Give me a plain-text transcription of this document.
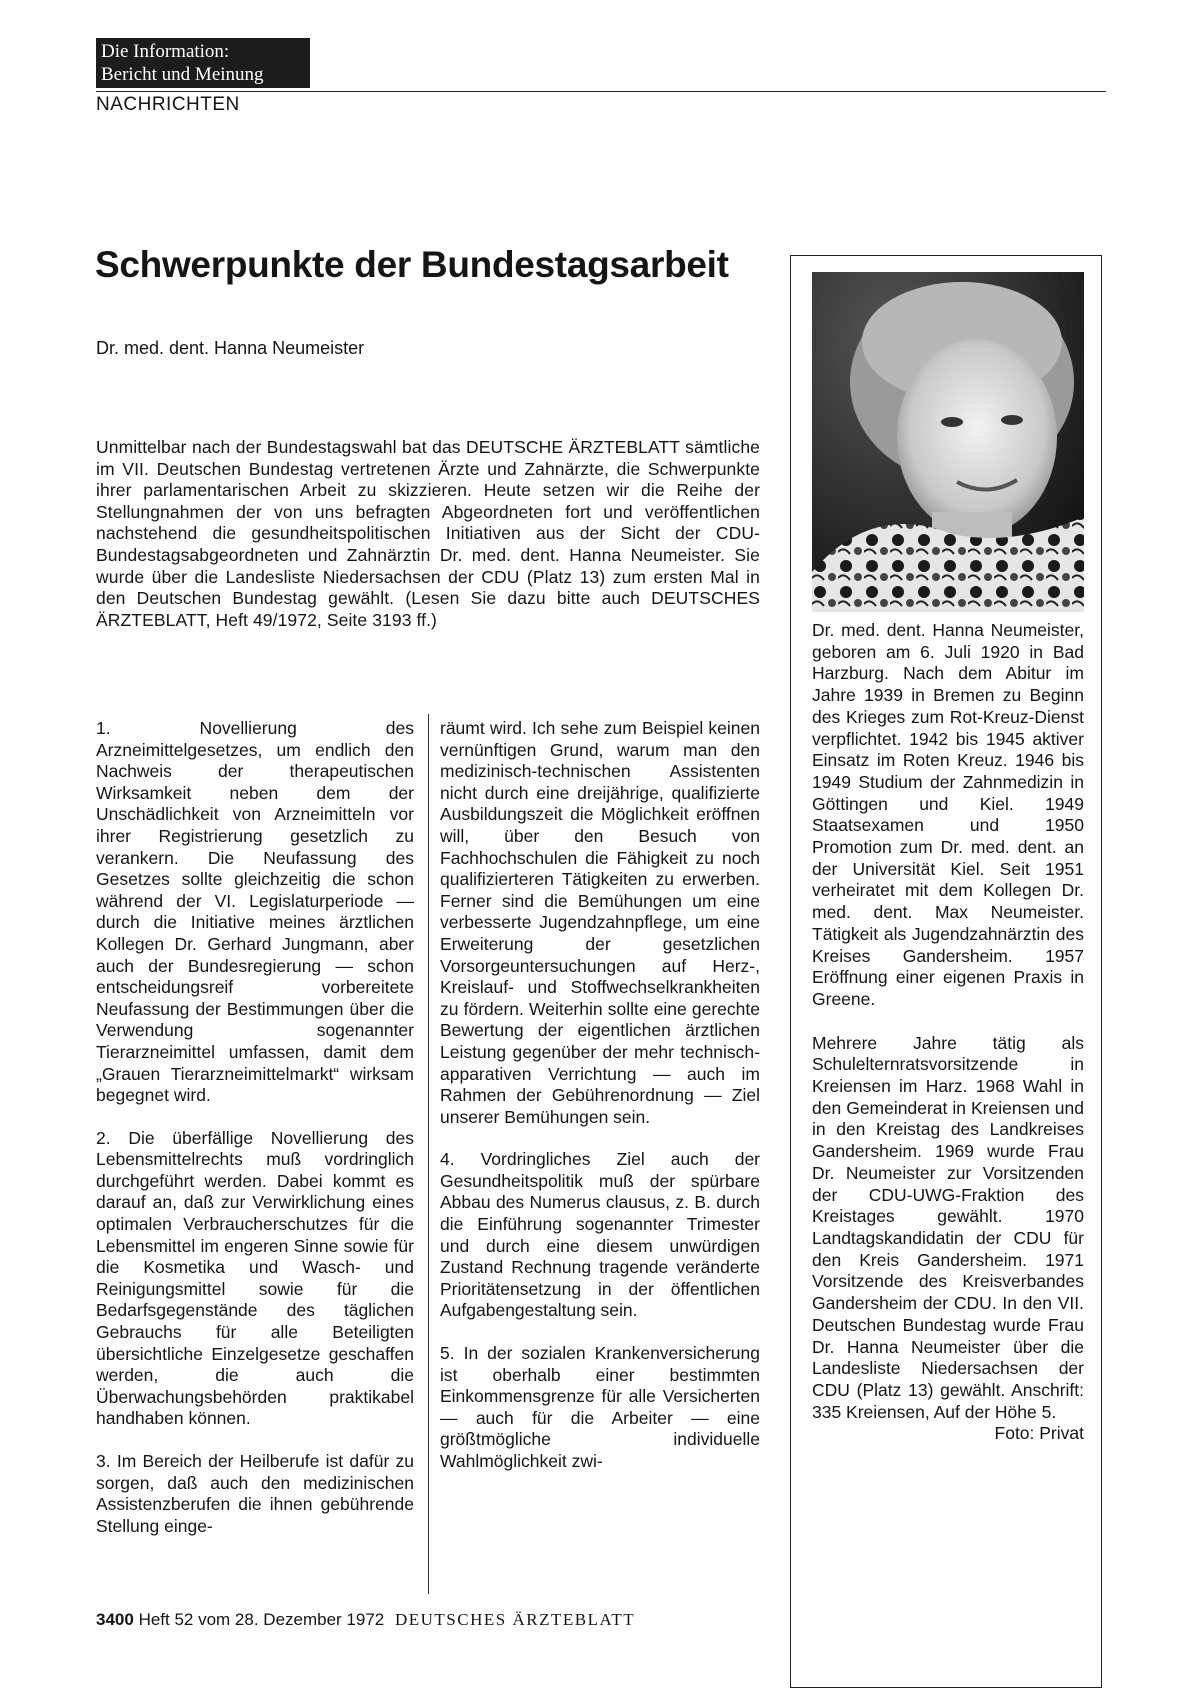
Die Information:
Bericht und Meinung
NACHRICHTEN
Schwerpunkte der Bundestagsarbeit
Dr. med. dent. Hanna Neumeister
Unmittelbar nach der Bundestagswahl bat das DEUTSCHE ÄRZTEBLATT sämtliche im VII. Deutschen Bundestag vertretenen Ärzte und Zahnärzte, die Schwerpunkte ihrer parlamentarischen Arbeit zu skizzieren. Heute setzen wir die Reihe der Stellungnahmen der von uns befragten Abgeordneten fort und veröffentlichen nachstehend die gesundheitspolitischen Initiativen aus der Sicht der CDU-Bundestagsabgeordneten und Zahnärztin Dr. med. dent. Hanna Neumeister. Sie wurde über die Landesliste Niedersachsen der CDU (Platz 13) zum ersten Mal in den Deutschen Bundestag gewählt. (Lesen Sie dazu bitte auch DEUTSCHES ÄRZTEBLATT, Heft 49/1972, Seite 3193 ff.)

1. Novellierung des Arzneimittelgesetzes, um endlich den Nachweis der therapeutischen Wirksamkeit neben dem der Unschädlichkeit von Arzneimitteln vor ihrer Registrierung gesetzlich zu verankern. Die Neufassung des Gesetzes sollte gleichzeitig die schon während der VI. Legislaturperiode — durch die Initiative meines ärztlichen Kollegen Dr. Gerhard Jungmann, aber auch der Bundesregierung — schon entscheidungsreif vorbereitete Neufassung der Bestimmungen über die Verwendung sogenannter Tierarzneimittel umfassen, damit dem „Grauen Tierarzneimittelmarkt“ wirksam begegnet wird.

2. Die überfällige Novellierung des Lebensmittelrechts muß vordringlich durchgeführt werden. Dabei kommt es darauf an, daß zur Verwirklichung eines optimalen Verbraucherschutzes für die Lebensmittel im engeren Sinne sowie für die Kosmetika und Wasch- und Reinigungsmittel sowie für die Bedarfsgegenstände des täglichen Gebrauchs für alle Beteiligten übersichtliche Einzelgesetze geschaffen werden, die auch die Überwachungsbehörden praktikabel handhaben können.

3. Im Bereich der Heilberufe ist dafür zu sorgen, daß auch den medizinischen Assistenzberufen die ihnen gebührende Stellung einge-

räumt wird. Ich sehe zum Beispiel keinen vernünftigen Grund, warum man den medizinisch-technischen Assistenten nicht durch eine dreijährige, qualifizierte Ausbildungszeit die Möglichkeit eröffnen will, über den Besuch von Fachhochschulen die Fähigkeit zu noch qualifizierteren Tätigkeiten zu erwerben. Ferner sind die Bemühungen um eine verbesserte Jugendzahnpflege, um eine Erweiterung der gesetzlichen Vorsorgeuntersuchungen auf Herz-, Kreislauf- und Stoffwechselkrankheiten zu fördern. Weiterhin sollte eine gerechte Bewertung der eigentlichen ärztlichen Leistung gegenüber der mehr technisch-apparativen Verrichtung — auch im Rahmen der Gebührenordnung — Ziel unserer Bemühungen sein.

4. Vordringliches Ziel auch der Gesundheitspolitik muß der spürbare Abbau des Numerus clausus, z. B. durch die Einführung sogenannter Trimester und durch eine diesem unwürdigen Zustand Rechnung tragende veränderte Prioritätensetzung in der öffentlichen Aufgabengestaltung sein.

5. In der sozialen Krankenversicherung ist oberhalb einer bestimmten Einkommensgrenze für alle Versicherten — auch für die Arbeiter — eine größtmögliche individuelle Wahlmöglichkeit zwi-

Dr. med. dent. Hanna Neumeister, geboren am 6. Juli 1920 in Bad Harzburg. Nach dem Abitur im Jahre 1939 in Bremen zu Beginn des Krieges zum Rot-Kreuz-Dienst verpflichtet. 1942 bis 1945 aktiver Einsatz im Roten Kreuz. 1946 bis 1949 Studium der Zahnmedizin in Göttingen und Kiel. 1949 Staatsexamen und 1950 Promotion zum Dr. med. dent. an der Universität Kiel. Seit 1951 verheiratet mit dem Kollegen Dr. med. dent. Max Neumeister. Tätigkeit als Jugendzahnärztin des Kreises Gandersheim. 1957 Eröffnung einer eigenen Praxis in Greene.

Mehrere Jahre tätig als Schulelternratsvorsitzende in Kreiensen im Harz. 1968 Wahl in den Gemeinderat in Kreiensen und in den Kreistag des Landkreises Gandersheim. 1969 wurde Frau Dr. Neumeister zur Vorsitzenden der CDU-UWG-Fraktion des Kreistages gewählt. 1970 Landtagskandidatin der CDU für den Kreis Gandersheim. 1971 Vorsitzende des Kreisverbandes Gandersheim der CDU. In den VII. Deutschen Bundestag wurde Frau Dr. Hanna Neumeister über die Landesliste Niedersachsen der CDU (Platz 13) gewählt. Anschrift: 335 Kreiensen, Auf der Höhe 5.
Foto: Privat

3400 Heft 52 vom 28. Dezember 1972 DEUTSCHES ÄRZTEBLATT
